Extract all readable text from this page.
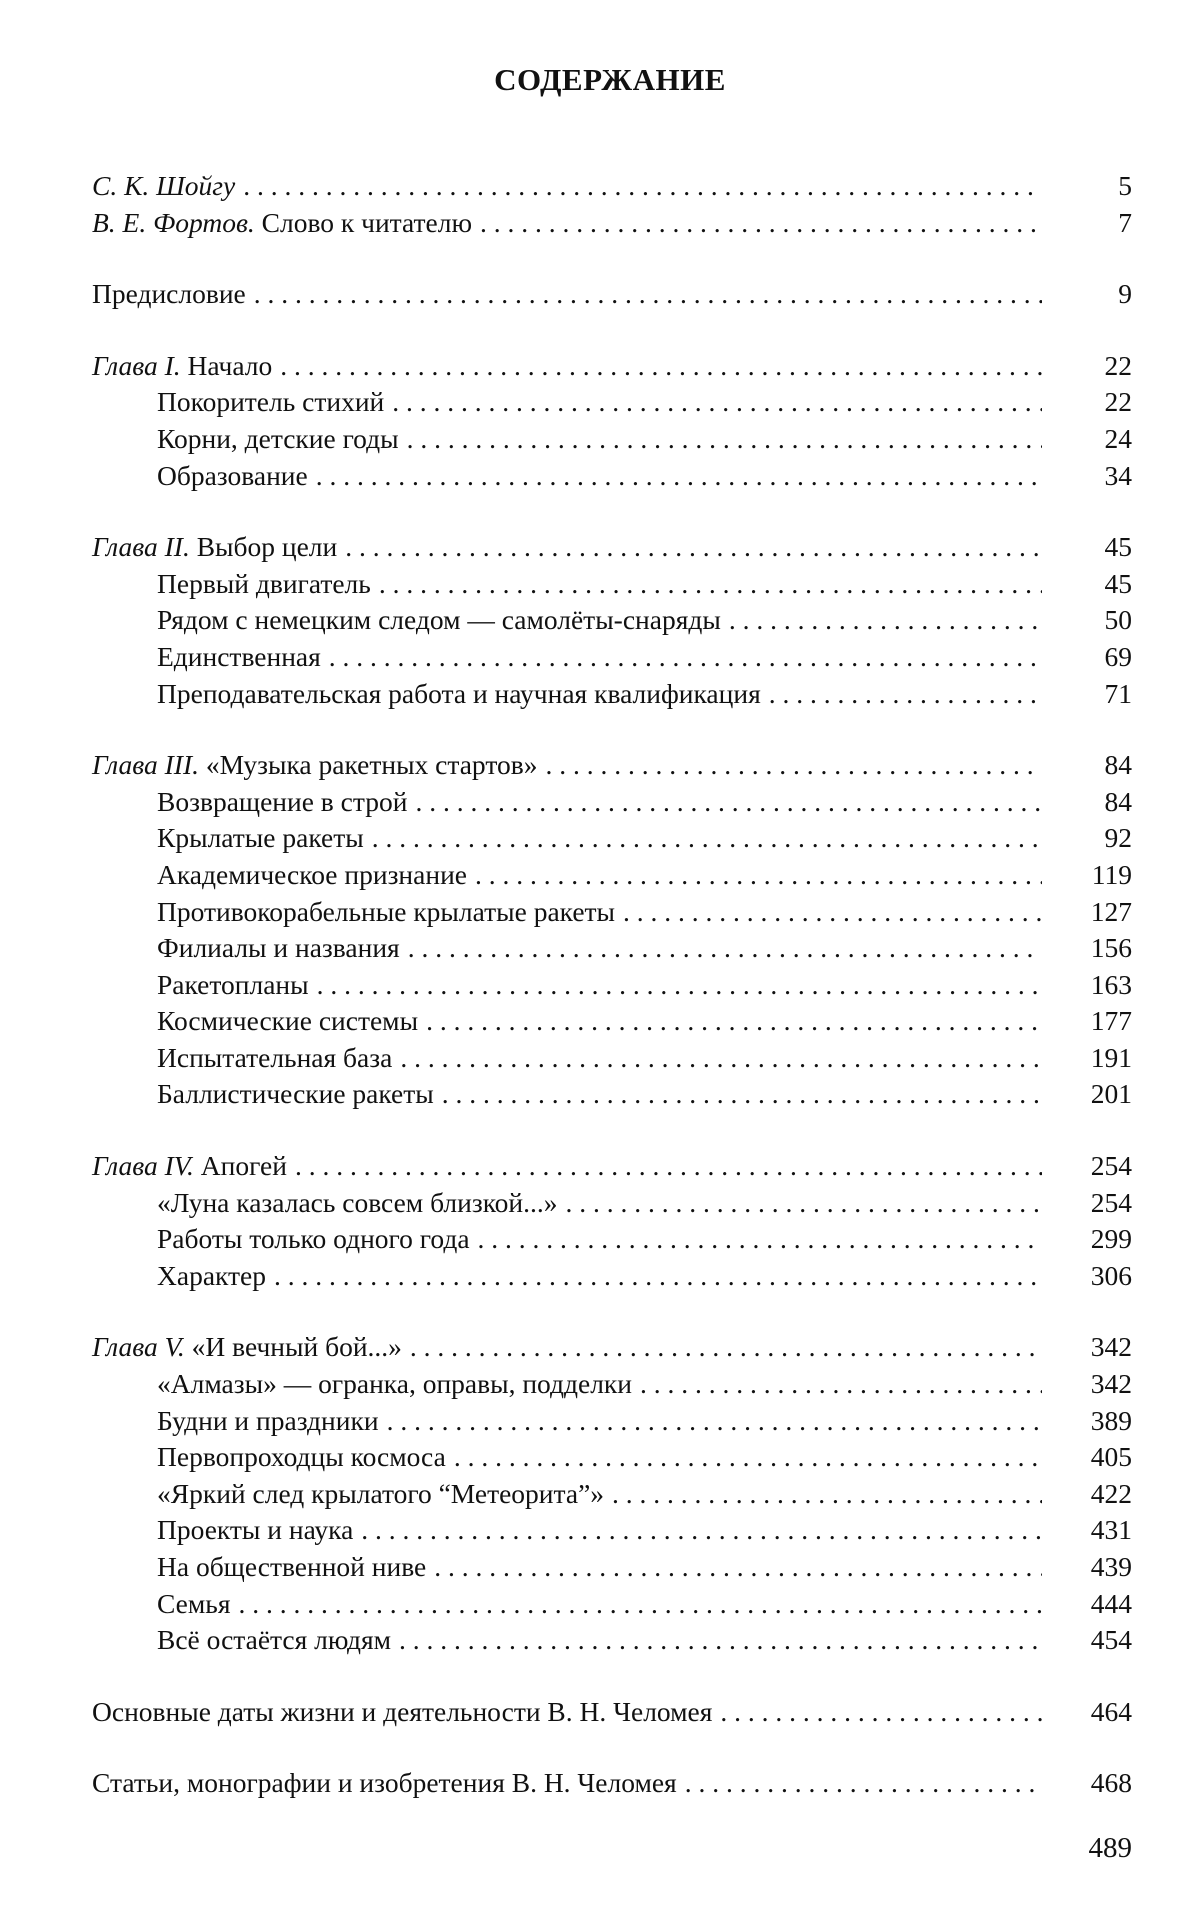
СОДЕРЖАНИЕ
С. К. Шойгу . . .	5
В. Е. Фортов. Слово к читателю . . .	7
Предисловие . . .	9
Глава I. Начало . . .	22
Покоритель стихий . . .	22
Корни, детские годы . . .	24
Образование . . .	34
Глава II. Выбор цели . . .	45
Первый двигатель . . .	45
Рядом с немецким следом — самолёты-снаряды . . .	50
Единственная . . .	69
Преподавательская работа и научная квалификация . . .	71
Глава III. «Музыка ракетных стартов» . . .	84
Возвращение в строй . . .	84
Крылатые ракеты . . .	92
Академическое признание . . .	119
Противокорабельные крылатые ракеты . . .	127
Филиалы и названия . . .	156
Ракетопланы . . .	163
Космические системы . . .	177
Испытательная база . . .	191
Баллистические ракеты . . .	201
Глава IV. Апогей . . .	254
«Луна казалась совсем близкой...» . . .	254
Работы только одного года . . .	299
Характер . . .	306
Глава V. «И вечный бой...» . . .	342
«Алмазы» — огранка, оправы, подделки . . .	342
Будни и праздники . . .	389
Первопроходцы космоса . . .	405
«Яркий след крылатого “Метеорита”» . . .	422
Проекты и наука . . .	431
На общественной ниве . . .	439
Семья . . .	444
Всё остаётся людям . . .	454
Основные даты жизни и деятельности В. Н. Челомея . . .	464
Статьи, монографии и изобретения В. Н. Челомея . . .	468
489
